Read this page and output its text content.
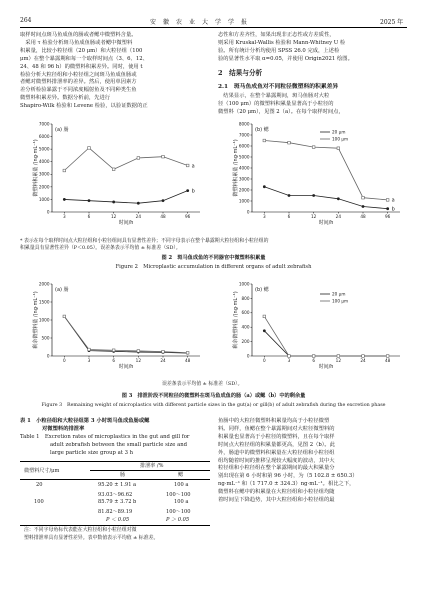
264	安　徽　农　业　大　学　学　报	2025 年
取样时间点斑马鱼成鱼的肠或者鳃中微塑料含量。
　采用 τ 检验分析斑马鱼成鱼肠或者鳃中微塑料
积累量，比较小粒径组（20 μm）和大粒径组（100
μm）在整个暴露期和每一个取样时间点（3、6、12、
24、48 和 96 h）的微塑料积累差异。同时，使用 t
检验分析大粒径组和小粒径组之间斑马鱼成鱼肠或
者鳃对微塑料排泄率的差异。然后，使用单因素方
差分析检验暴露于不同浓度幅射鱼及不同种类生鱼
微塑料积累差异。数据分析前，先进行
Shapiro-Wilk 检验和 Levene 检验，以验证数据的正
态性和方差齐性，如果出现非正态性或方差质性，
则采用 Kruskal-Wallis 检验和 Mann-Whitney U 检
验。所有统计分析均使用 SPSS 26.0 完成，上述检
验的显著性水平取 α=0.05，并使用 Origin2021 绘图。
2　结果与分析
2.1　斑马鱼成鱼对不同粒径微塑料的积累差异
　结果显示，在整个暴露期间，斑马鱼肠对大粒
径（100 μm）的微塑料积累量显著高于小粒径的
微塑料（20 μm），见图 2（a）。在每个取样时间点，
0
1000
2000
3000
4000
5000
6000
7000
3	6	12	24	48	96
时间/h
微塑料积累量 /(ng·mL⁻¹)
(a) 肠
b
a
0
1000
2000
3000
4000
5000
6000
7000
8000
3	6	12	24	48	96
时间/h
微塑料积累量 /(ng·mL⁻¹)
(b) 鳃
b
a
20 μm
100 μm
* 表示在每个取样时间点大粒径组和小粒径组间具有显著性差异；不同字母表示在整个暴露期大粒径组和小粒径组的
积累量具有显著性差异（P＜0.05）。误差条表示平均值 ± 标准差（SD）。
图 2　斑马鱼成鱼的不同器官中微塑料积累量
Figure 2　Microplastic accumulation in different organs of adult zebrafish
0
500
1000
1500
2000
0	3	6	12	24	48
时间/h
剩余微塑料量 /(ng·mL⁻¹)
(a) 肠
0
200
400
600
800
1000
0	3	6	12	24	48
时间/h
剩余微塑料量 /(ng·mL⁻¹)
(b) 鳃
20 μm
100 μm
误差条表示平均值 ± 标准差（SD）。
图 3　排泄阶段不同粒径的微塑料在斑马鱼成鱼的肠（a）或鳃（b）中的剩余量
Figure 3　Remaining weight of microplastics with different particle sizes in the gut(a) or gill(b) of adult zebrafish during the excretion phase
表 1　小粒径组和大粒径组第 3 小时斑马鱼成鱼肠或鳃
对微塑料的排泄率
Table 1　Excretion rates of microplastics in the gut and gill for
adult zebrafish between the small particle size and
large particle size group at 3 h
微塑料尺寸/μm
排泄率 /%
肠	鳃
20	95.20 ± 1.91 a	100 a
93.03～96.62	100～100
100	85.79 ± 3.72 b	100 a
81.82～89.19	100～100
P ＜ 0.05	P ＞ 0.05
注：不同字母角标代表能在大粒径组和小粒径组对微
塑料排泄率具有显著性差异。表中数值表示平均值 ± 标准差。
鱼肠中的大粒径微塑料积累量均高于小粒径微塑
料。同样，鱼鳃在整个暴露期间对大粒径微塑料的
积累量也显著高于小粒径的微塑料，且在每个取样
时间点大粒径组的积累量都更高，见图 2（b）。此
外，肠道中的微塑料积累量在大粒径组和小粒径组
组均随着时间的推移呈现较大幅度的波动，其中大
粒径组和小粒径组在整个暴露期间的最大积累量分
别出现在第 6 小时和第 96 小时，为（5 102.8 ± 650.3）
ng·mL⁻¹ 和（1 717.0 ± 324.3）ng·mL⁻¹。相比之下，
微塑料在鳃中的积累量在大粒径组和小粒径组均随
着时间呈下降趋势，其中大粒径组和小粒径组的最
